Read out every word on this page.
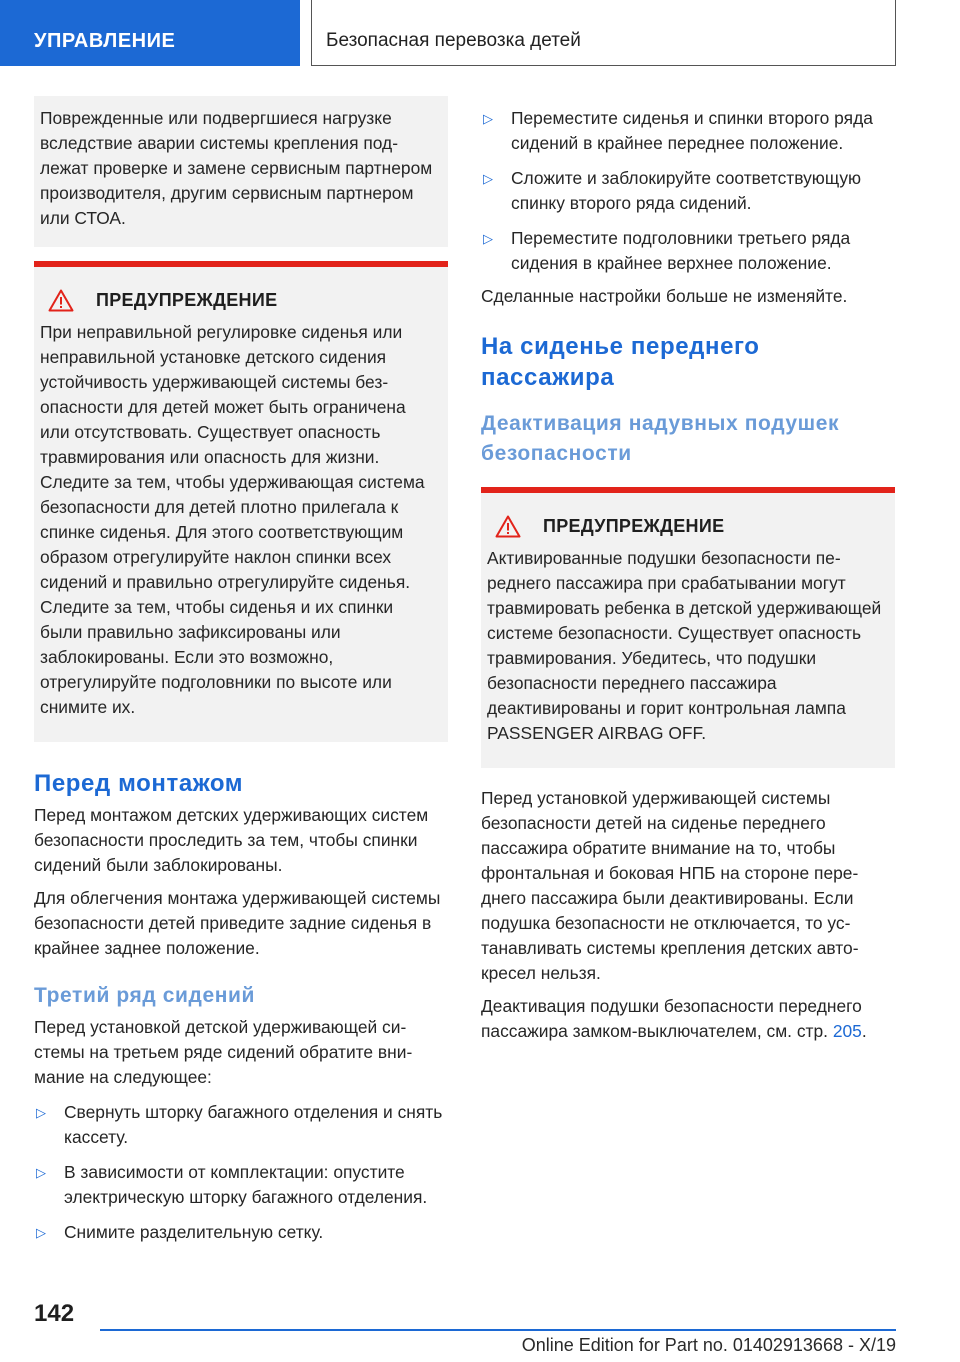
УПРАВЛЕНИЕ	Безопасная перевозка детей

Поврежденные или подвергшиеся нагрузке вследствие аварии системы крепления подлежат проверке и замене сервисным партнером производителя, другим сервисным партнером или СТОА.

ПРЕДУПРЕЖДЕНИЕ

При неправильной регулировке сиденья или неправильной установке детского сидения устойчивость удерживающей системы безопасности для детей может быть ограничена или отсутствовать. Существует опасность травмирования или опасность для жизни. Следите за тем, чтобы удерживающая система безопасности для детей плотно прилегала к спинке сиденья. Для этого соответствующим образом отрегулируйте наклон спинки всех сидений и правильно отрегулируйте сиденья. Следите за тем, чтобы сиденья и их спинки были правильно зафиксированы или заблокированы. Если это возможно, отрегулируйте подголовники по высоте или снимите их.

Перед монтажом

Перед монтажом детских удерживающих систем безопасности проследить за тем, чтобы спинки сидений были заблокированы.

Для облегчения монтажа удерживающей системы безопасности детей приведите задние сиденья в крайнее заднее положение.

Третий ряд сидений

Перед установкой детской удерживающей системы на третьем ряде сидений обратите внимание на следующее:

▷	Свернуть шторку багажного отделения и снять кассету.
▷	В зависимости от комплектации: опустите электрическую шторку багажного отделения.
▷	Снимите разделительную сетку.
▷	Переместите сиденья и спинки второго ряда сидений в крайнее переднее положение.
▷	Сложите и заблокируйте соответствующую спинку второго ряда сидений.
▷	Переместите подголовники третьего ряда сидения в крайнее верхнее положение.

Сделанные настройки больше не изменяйте.

На сиденье переднего пассажира
Деактивация надувных подушек безопасности
ПРЕДУПРЕЖДЕНИЕ

Активированные подушки безопасности переднего пассажира при срабатывании могут травмировать ребенка в детской удерживающей системе безопасности. Существует опасность травмирования. Убедитесь, что подушки безопасности переднего пассажира деактивированы и горит контрольная лампа PASSENGER AIRBAG OFF.

Перед установкой удерживающей системы безопасности детей на сиденье переднего пассажира обратите внимание на то, чтобы фронтальная и боковая НПБ на стороне переднего пассажира были деактивированы. Если подушка безопасности не отключается, то устанавливать системы крепления детских автокресел нельзя.

Деактивация подушки безопасности переднего пассажира замком-выключателем, см. стр. 205.

142
Online Edition for Part no. 01402913668 - X/19
